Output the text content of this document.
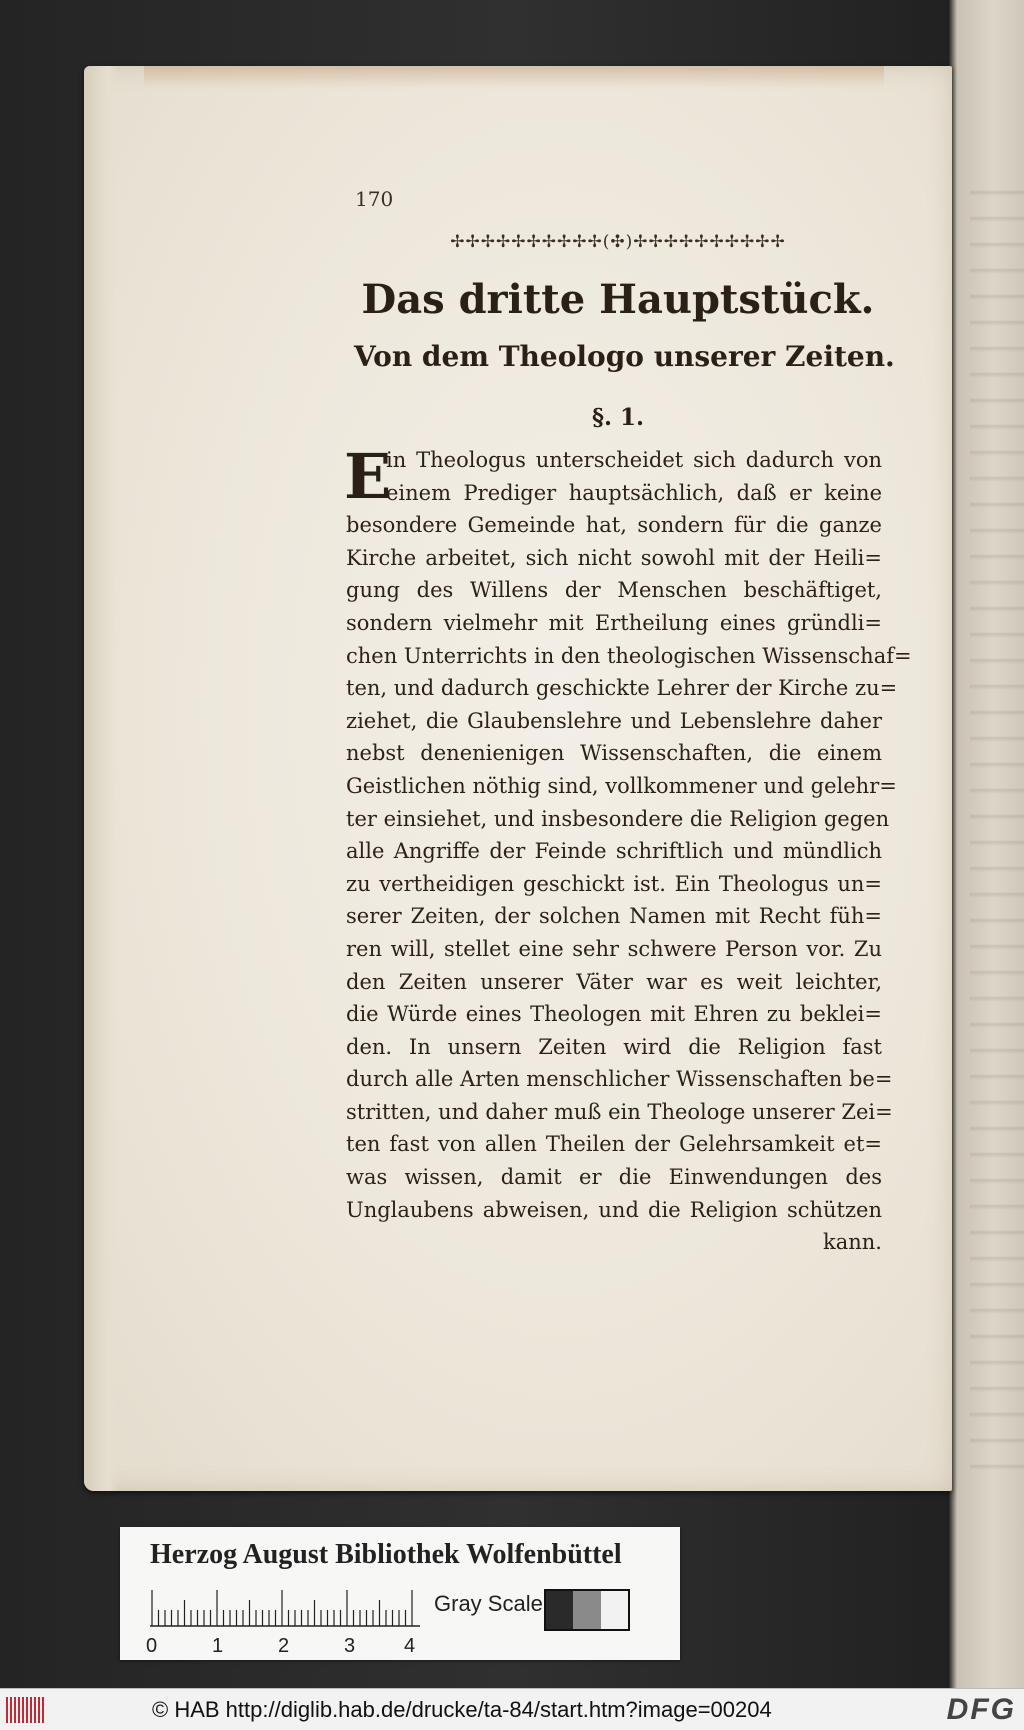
170
✢✢✢✢✢✢✢✢✢✢(✣)✢✢✢✢✢✢✢✢✢✢
Das dritte Hauptstück.
Von dem Theologo unserer Zeiten.
§. 1.
E
in Theologus unterscheidet sich dadurch von
einem Prediger hauptsächlich, daß er keine
besondere Gemeinde hat, sondern für die ganze
Kirche arbeitet, sich nicht sowohl mit der Heili=
gung des Willens der Menschen beschäftiget,
sondern vielmehr mit Ertheilung eines gründli=
chen Unterrichts in den theologischen Wissenschaf=
ten, und dadurch geschickte Lehrer der Kirche zu=
ziehet, die Glaubenslehre und Lebenslehre daher
nebst denenienigen Wissenschaften, die einem
Geistlichen nöthig sind, vollkommener und gelehr=
ter einsiehet, und insbesondere die Religion gegen
alle Angriffe der Feinde schriftlich und mündlich
zu vertheidigen geschickt ist. Ein Theologus un=
serer Zeiten, der solchen Namen mit Recht füh=
ren will, stellet eine sehr schwere Person vor. Zu
den Zeiten unserer Väter war es weit leichter,
die Würde eines Theologen mit Ehren zu beklei=
den. In unsern Zeiten wird die Religion fast
durch alle Arten menschlicher Wissenschaften be=
stritten, und daher muß ein Theologe unserer Zei=
ten fast von allen Theilen der Gelehrsamkeit et=
was wissen, damit er die Einwendungen des
Unglaubens abweisen, und die Religion schützen
kann.
Herzog August Bibliothek Wolfenbüttel
0	1	2	3 4
Gray Scale
© HAB http://diglib.hab.de/drucke/ta-84/start.htm?image=00204	DFG
